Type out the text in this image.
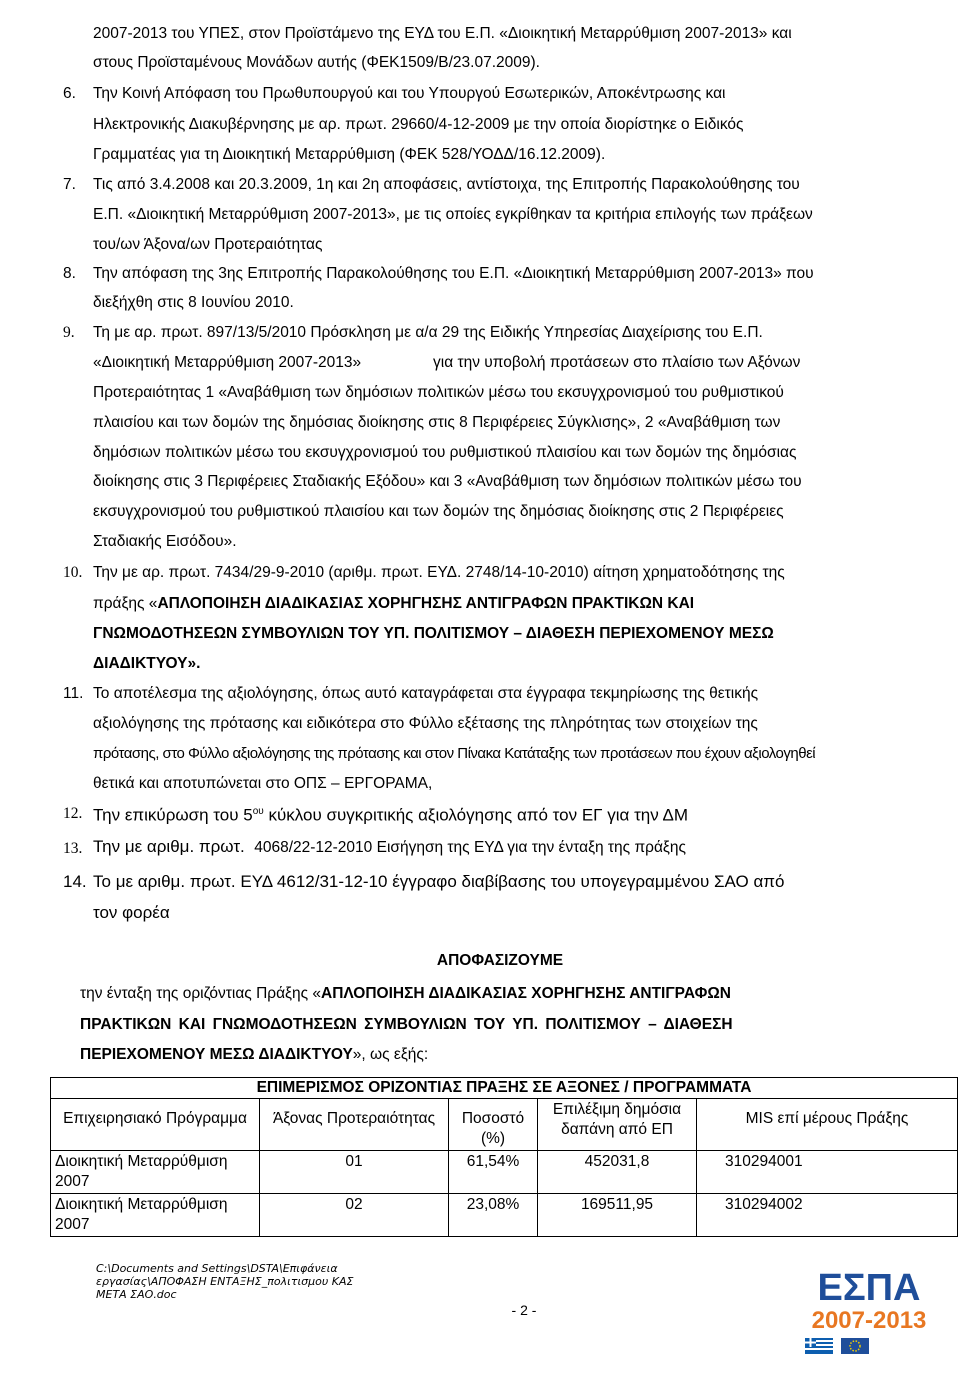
2007-2013 του ΥΠΕΣ, στον Προϊστάμενο της ΕΥΔ του Ε.Π. «Διοικητική Μεταρρύθμιση 2007-2013» και
στους Προϊσταμένους Μονάδων αυτής (ΦΕΚ1509/Β/23.07.2009).
6. Την Κοινή Απόφαση του Πρωθυπουργού και του Υπουργού Εσωτερικών, Αποκέντρωσης και
Ηλεκτρονικής Διακυβέρνησης με αρ. πρωτ. 29660/4-12-2009 με την οποία διορίστηκε ο Ειδικός
Γραμματέας για τη Διοικητική Μεταρρύθμιση (ΦΕΚ 528/ΥΟΔΔ/16.12.2009).
7. Τις από 3.4.2008 και 20.3.2009, 1η και 2η αποφάσεις, αντίστοιχα, της Επιτροπής Παρακολούθησης του
Ε.Π. «Διοικητική Μεταρρύθμιση 2007-2013», με τις οποίες εγκρίθηκαν τα κριτήρια επιλογής των πράξεων
του/ων Άξονα/ων Προτεραιότητας
8. Την απόφαση της 3ης Επιτροπής Παρακολούθησης του Ε.Π. «Διοικητική Μεταρρύθμιση 2007-2013» που
διεξήχθη στις 8 Ιουνίου 2010.
9. Τη με αρ. πρωτ. 897/13/5/2010 Πρόσκληση με α/α 29 της Ειδικής Υπηρεσίας Διαχείρισης του Ε.Π.
«Διοικητική Μεταρρύθμιση 2007-2013»	για την υποβολή προτάσεων στο πλαίσιο των Αξόνων
Προτεραιότητας 1 «Αναβάθμιση των δημόσιων πολιτικών μέσω του εκσυγχρονισμού του ρυθμιστικού
πλαισίου και των δομών της δημόσιας διοίκησης στις 8 Περιφέρειες Σύγκλισης», 2 «Αναβάθμιση των
δημόσιων πολιτικών μέσω του εκσυγχρονισμού του ρυθμιστικού πλαισίου και των δομών της δημόσιας
διοίκησης στις 3 Περιφέρειες Σταδιακής Εξόδου» και 3 «Αναβάθμιση των δημόσιων πολιτικών μέσω του
εκσυγχρονισμού του ρυθμιστικού πλαισίου και των δομών της δημόσιας διοίκησης στις 2 Περιφέρειες
Σταδιακής Εισόδου».
10. Την με αρ. πρωτ. 7434/29-9-2010 (αριθμ. πρωτ. ΕΥΔ. 2748/14-10-2010) αίτηση χρηματοδότησης της
πράξης «ΑΠΛΟΠΟΙΗΣΗ ΔΙΑΔΙΚΑΣΙΑΣ ΧΟΡΗΓΗΣΗΣ ΑΝΤΙΓΡΑΦΩΝ ΠΡΑΚΤΙΚΩΝ ΚΑΙ
ΓΝΩΜΟΔΟΤΗΣΕΩΝ ΣΥΜΒΟΥΛΙΩΝ ΤΟΥ ΥΠ. ΠΟΛΙΤΙΣΜΟΥ – ΔΙΑΘΕΣΗ ΠΕΡΙΕΧΟΜΕΝΟΥ ΜΕΣΩ
ΔΙΑΔΙΚΤΥΟΥ».
11. Το αποτέλεσμα της αξιολόγησης, όπως αυτό καταγράφεται στα έγγραφα τεκμηρίωσης της θετικής
αξιολόγησης της πρότασης και ειδικότερα στο Φύλλο εξέτασης της πληρότητας των στοιχείων της
πρότασης, στο Φύλλο αξιολόγησης της πρότασης και στον Πίνακα Κατάταξης των προτάσεων που έχουν αξιολογηθεί
θετικά και αποτυπώνεται στο ΟΠΣ – ΕΡΓΟΡΑΜΑ,
12. Την επικύρωση του $5^{o\upsilon}$ κύκλου συγκριτικής αξιολόγησης από τον ΕΓ για την ΔΜ
13. Την με αριθμ. πρωτ. 4068/22-12-2010 Εισήγηση της ΕΥΔ για την ένταξη της πράξης
14. Το με αριθμ. πρωτ. ΕΥΔ 4612/31-12-10 έγγραφο διαβίβασης του υπογεγραμμένου ΣΑΟ από
τον φορέα
ΑΠΟΦΑΣΙΖΟΥΜΕ
την ένταξη της οριζόντιας Πράξης «ΑΠΛΟΠΟΙΗΣΗ ΔΙΑΔΙΚΑΣΙΑΣ ΧΟΡΗΓΗΣΗΣ ΑΝΤΙΓΡΑΦΩΝ
ΠΡΑΚΤΙΚΩΝ ΚΑΙ ΓΝΩΜΟΔΟΤΗΣΕΩΝ ΣΥΜΒΟΥΛΙΩΝ ΤΟΥ ΥΠ. ΠΟΛΙΤΙΣΜΟΥ – ΔΙΑΘΕΣΗ
ΠΕΡΙΕΧΟΜΕΝΟΥ ΜΕΣΩ ΔΙΑΔΙΚΤΥΟΥ», ως εξής:
ΕΠΙΜΕΡΙΣΜΟΣ ΟΡΙΖΟΝΤΙΑΣ ΠΡΑΞΗΣ ΣΕ ΑΞΟΝΕΣ / ΠΡΟΓΡΑΜΜΑΤΑ				
Επιχειρησιακό Πρόγραμμα	Άξονας Προτεραιότητας	Ποσοστό (%)	Επιλέξιμη δημόσια δαπάνη από ΕΠ	MIS επί μέρους Πράξης
Διοικητική Μεταρρύθμιση 2007	01	61,54%	452031,8	310294001
Διοικητική Μεταρρύθμιση 2007	02	23,08%	169511,95	310294002
C:\Documents and Settings\DSTA\Επιφάνεια
εργασίας\ΑΠΟΦΑΣΗ ΕΝΤΑΞΗΣ_πολιτισμου ΚΑΣ
ΜΕΤΑ ΣΑΟ.doc
- 2 -
ΕΣΠΑ
2007-2013
